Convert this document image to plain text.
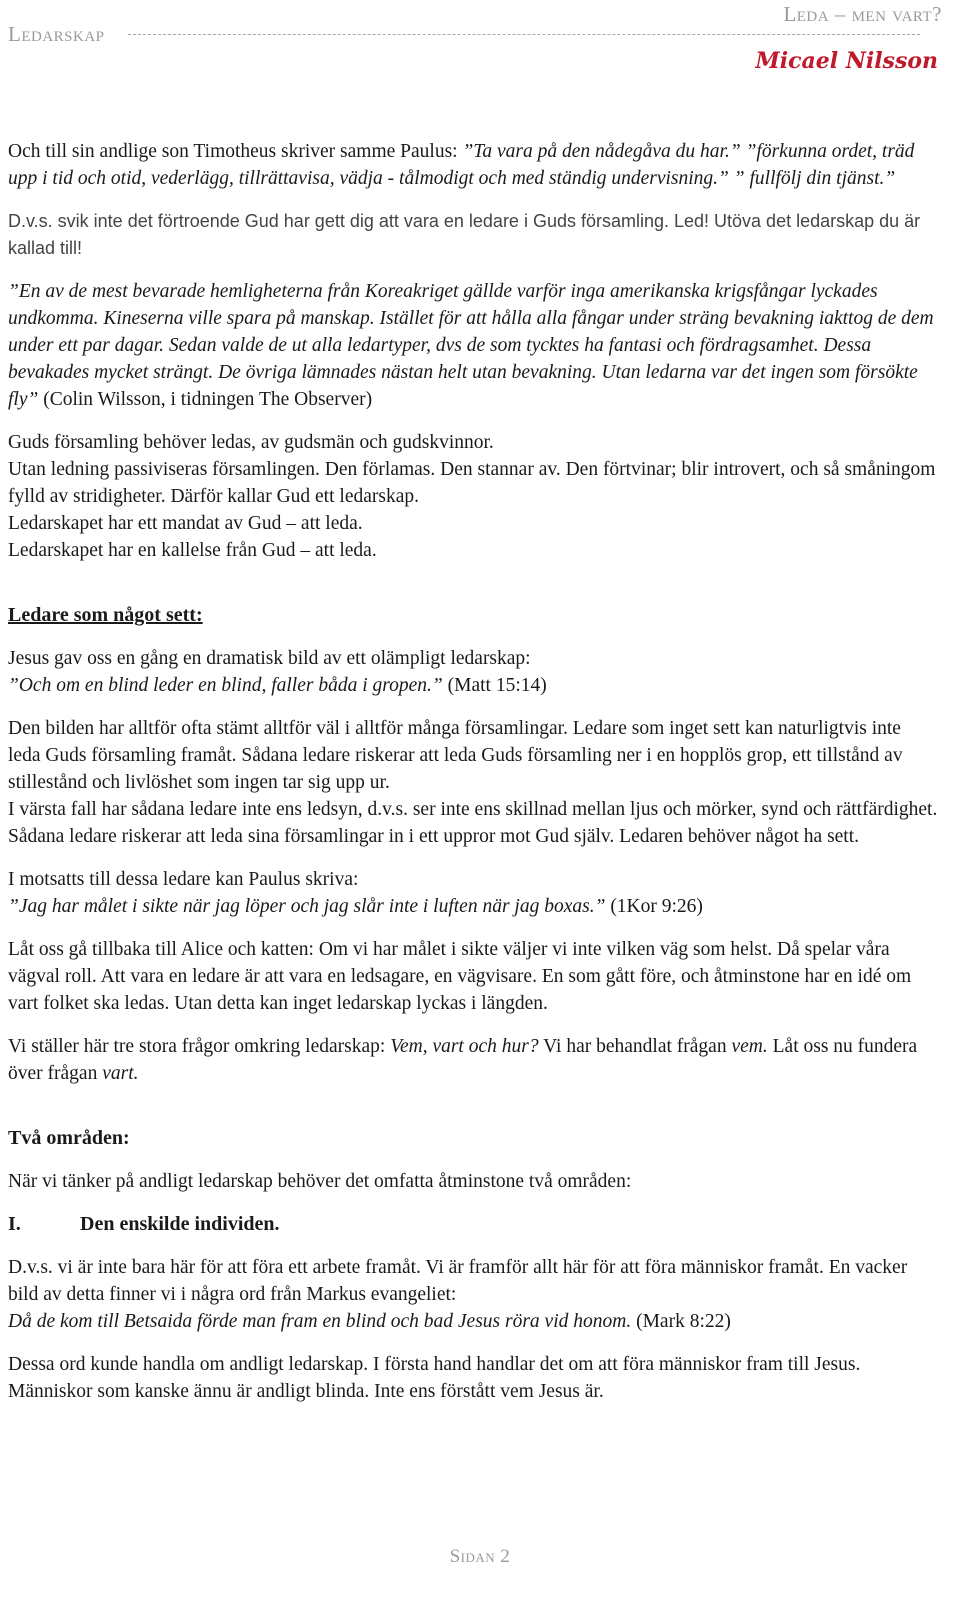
Ledarskap
Leda – men vart?
Micael Nilsson

Och till sin andlige son Timotheus skriver samme Paulus: ”Ta vara på den nådegåva du har.” ”förkunna ordet, träd upp i tid och otid, vederlägg, tillrättavisa, vädja - tålmodigt och med ständig undervisning.” ” fullfölj din tjänst.”

D.v.s. svik inte det förtroende Gud har gett dig att vara en ledare i Guds församling. Led! Utöva det ledarskap du är kallad till!

”En av de mest bevarade hemligheterna från Koreakriget gällde varför inga amerikanska krigsfångar lyckades undkomma. Kineserna ville spara på manskap. Istället för att hålla alla fångar under sträng bevakning iakttog de dem under ett par dagar. Sedan valde de ut alla ledartyper, dvs de som tycktes ha fantasi och fördragsamhet. Dessa bevakades mycket strängt. De övriga lämnades nästan helt utan bevakning. Utan ledarna var det ingen som försökte fly” (Colin Wilsson, i tidningen The Observer)

Guds församling behöver ledas, av gudsmän och gudskvinnor.
Utan ledning passiviseras församlingen. Den förlamas. Den stannar av. Den förtvinar; blir introvert, och så småningom fylld av stridigheter. Därför kallar Gud ett ledarskap.
Ledarskapet har ett mandat av Gud – att leda.
Ledarskapet har en kallelse från Gud – att leda.

Ledare som något sett:

Jesus gav oss en gång en dramatisk bild av ett olämpligt ledarskap:
”Och om en blind leder en blind, faller båda i gropen.” (Matt 15:14)

Den bilden har alltför ofta stämt alltför väl i alltför många församlingar. Ledare som inget sett kan naturligtvis inte leda Guds församling framåt. Sådana ledare riskerar att leda Guds församling ner i en hopplös grop, ett tillstånd av stillestånd och livlöshet som ingen tar sig upp ur.
I värsta fall har sådana ledare inte ens ledsyn, d.v.s. ser inte ens skillnad mellan ljus och mörker, synd och rättfärdighet. Sådana ledare riskerar att leda sina församlingar in i ett uppror mot Gud själv. Ledaren behöver något ha sett.

I motsatts till dessa ledare kan Paulus skriva:
”Jag har målet i sikte när jag löper och jag slår inte i luften när jag boxas.” (1Kor 9:26)

Låt oss gå tillbaka till Alice och katten: Om vi har målet i sikte väljer vi inte vilken väg som helst. Då spelar våra vägval roll. Att vara en ledare är att vara en ledsagare, en vägvisare. En som gått före, och åtminstone har en idé om vart folket ska ledas. Utan detta kan inget ledarskap lyckas i längden.

Vi ställer här tre stora frågor omkring ledarskap: Vem, vart och hur? Vi har behandlat frågan vem. Låt oss nu fundera över frågan vart.

Två områden:

När vi tänker på andligt ledarskap behöver det omfatta åtminstone två områden:

I.	Den enskilde individen.

D.v.s. vi är inte bara här för att föra ett arbete framåt. Vi är framför allt här för att föra människor framåt. En vacker bild av detta finner vi i några ord från Markus evangeliet:
Då de kom till Betsaida förde man fram en blind och bad Jesus röra vid honom. (Mark 8:22)

Dessa ord kunde handla om andligt ledarskap. I första hand handlar det om att föra människor fram till Jesus. Människor som kanske ännu är andligt blinda. Inte ens förstått vem Jesus är.

Sidan 2
